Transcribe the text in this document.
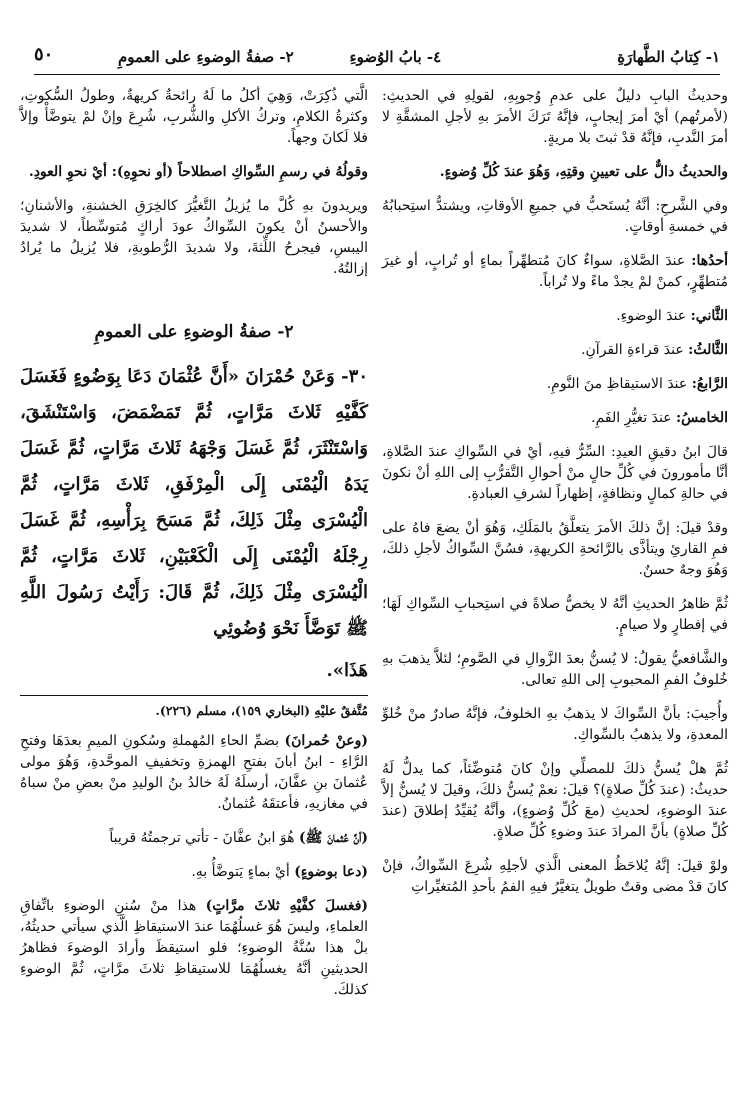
١- كِتابُ الطَّهارَةِ
٤- بابُ الوُضوءِ
٢- صفةُ الوضوءِ على العمومِ
٥٠

وحديثُ البابِ دليلٌ على عدمِ وُجوبِهِ، لقولِهِ في الحديثِ: (لأمرتُهم) أيْ أمرَ إيجابٍ، فإنَّهُ تَرَكَ الأمرَ بهِ لأجلِ المشقَّةِ لا أمرَ النَّدبِ، فإنَّهُ قدْ ثبتَ بلا مريةٍ.

والحديثُ دالٌّ على تعيينِ وقتِهِ، وَهُوَ عندَ كُلِّ وُضوءٍ.

وفي الشَّرحِ: أنَّهُ يُستَحبُّ في جميعِ الأوقاتِ، ويشتدُّ استِحبابُهُ في خمسةِ أوقاتٍ.

أحدُها: عندَ الصَّلاةِ، سواءٌ كانَ مُتطهِّراً بماءٍ أو تُرابٍ، أو غيرَ مُتطهِّرٍ، كمنْ لمْ يجدْ ماءً ولا تُراباً.

الثَّاني: عندَ الوضوءِ.

الثَّالثُ: عندَ قراءةِ القرآنِ.

الرَّابعُ: عندَ الاستيقاظِ منَ النَّومِ.

الخامسُ: عندَ تغيُّرِ الفَمِ.

قالَ ابنُ دقيقِ العيدِ: السِّرُّ فيهِ، أيْ في السِّواكِ عندَ الصَّلاةِ، أنَّا مأمورونَ في كُلِّ حالٍ منْ أحوالِ التَّقرُّبِ إلى اللهِ أنْ نكونَ في حالةِ كمالٍ ونظافةٍ، إظهاراً لشرفِ العبادةِ.

وقدْ قيلَ: إنَّ ذلكَ الأمرَ يتعلَّقُ بالمَلَكِ، وَهُوَ أنْ يضعَ فاهُ على فمِ القارئِ ويتأذَّى بالرَّائحةِ الكريهةِ، فسُنَّ السِّواكُ لأجلِ ذلكَ، وَهُوَ وجهٌ حسنٌ.

ثُمَّ ظاهرُ الحديثِ أنَّهُ لا يخصُّ صلاةً في استِحبابِ السِّواكِ لَهَا؛ في إفطارٍ ولا صيامٍ.

والشَّافعيُّ يقولُ: لا يُسنُّ بعدَ الزَّوالِ في الصَّومِ؛ لئلاَّ يذهبَ بهِ خُلوفُ الفمِ المحبوبِ إلى اللهِ تعالى.

وأُجيبَ: بأنَّ السِّواكَ لا يذهبُ بهِ الخلوفُ، فإنَّهُ صادرٌ منْ خُلوِّ المعدةِ، ولا يذهبُ بالسِّواكِ.

ثُمَّ هلْ يُسنُّ ذلكَ للمصلِّي وإنْ كانَ مُتوضِّئاً، كما يدلُّ لَهُ حديثُ: (عندَ كُلِّ صلاةٍ)؟ قيلَ: نعمْ يُسنُّ ذلكَ، وقيلَ لا يُسنُّ إلاَّ عندَ الوضوءِ، لحديثِ (معَ كُلِّ وُضوءٍ)، وأنَّهُ يُقيِّدُ إطلاقَ (عندَ كُلِّ صلاةٍ) بأنَّ المرادَ عندَ وضوءِ كُلِّ صلاةٍ.

ولوْ قيلَ: إنَّهُ يُلاحَظُ المعنى الَّذي لأجلِهِ شُرِعَ السِّواكُ، فإنْ كانَ قدْ مضى وقتٌ طويلٌ يتغيَّرُ فيهِ الفمُ بأحدِ المُتغيِّراتِ

الَّتي ذُكِرَتْ، وَهِيَ أكلُ ما لَهُ رائحةٌ كريهةٌ، وطولُ السُّكوتِ، وكثرةُ الكلامِ، وتركُ الأكلِ والشُّربِ، شُرِعَ وإنْ لمْ يتوضَّأْ وإلاَّ فلا لَكانَ وجهاً.

وقولُهُ في رسمِ السِّواكِ اصطلاحاً (أو نحوِهِ): أيْ نحوِ العودِ.

ويريدونَ بهِ كُلَّ ما يُزيلُ التَّغيُّرَ كالخِرَقِ الخشنةِ، والأشنانِ؛ والأحسنُ أنْ يكونَ السِّواكُ عودَ أراكٍ مُتوسِّطاً، لا شديدَ اليبسِ، فيجرحُ اللِّثةَ، ولا شديدَ الرُّطوبةِ، فلا يُزيلُ ما يُرادُ إزالتُهُ.

٢- صفةُ الوضوءِ على العمومِ
٣٠- وَعَنْ حُمْرَانَ «أَنَّ عُثْمَانَ دَعَا بِوَضُوءٍ فَغَسَلَ كَفَّيْهِ ثَلاثَ مَرَّاتٍ، ثُمَّ تَمَضْمَضَ، وَاسْتَنْشَقَ، وَاسْتَنْثَرَ، ثُمَّ غَسَلَ وَجْهَهُ ثَلاثَ مَرَّاتٍ، ثُمَّ غَسَلَ يَدَهُ الْيُمْنَى إِلَى الْمِرْفَقِ، ثَلاثَ مَرَّاتٍ، ثُمَّ الْيُسْرَى مِثْلَ ذَلِكَ، ثُمَّ مَسَحَ بِرَأْسِهِ، ثُمَّ غَسَلَ رِجْلَهُ الْيُمْنَى إِلَى الْكَعْبَيْنِ، ثَلاثَ مَرَّاتٍ، ثُمَّ الْيُسْرَى مِثْلَ ذَلِكَ، ثُمَّ قَالَ: رَأَيْتُ رَسُولَ اللَّهِ ﷺ تَوَضَّأَ نَحْوَ وُضُوئِي
هَذَا».
مُتَّفقٌ عليْهِ (البخاري ١٥٩)، مسلم (٢٢٦).

(وعنْ حُمرانَ) بضمِّ الحاءِ المُهملةِ وسُكونِ الميمِ بعدَهَا وفتحِ الرَّاءِ - ابنُ أبانَ بفتحِ الهمزةِ وتخفيفِ الموحَّدةِ، وَهُوَ مولى عُثمانَ بنِ عفَّانَ، أرسلَهُ لَهُ خالدُ بنُ الوليدِ منْ بعضِ منْ سباهُ في مغازيهِ، فأعتقَهُ عُثمانُ.

(أنَّ عُثمانَ ﷺ) هُوَ ابنُ عفَّانَ - تأتي ترجمتُهُ قريباً

(دعا بوضوءٍ) أيْ بماءٍ يَتوضَّأُ بهِ.

(فغسلَ كفَّيْهِ ثلاثَ مرَّاتٍ) هذا منْ سُننِ الوضوءِ باتِّفاقِ العلماءِ، وليسَ هُوَ غسلُهُمَا عندَ الاستيقاظِ الَّذي سيأتي حديثُهُ، بلْ هذا سُنَّةُ الوضوءِ؛ فلو استيقظَ وأرادَ الوضوءَ فظاهرُ الحديثينِ أنَّهُ يغسلُهُمَا للاستيقاظِ ثلاثَ مرَّاتٍ، ثُمَّ الوضوءِ كذلكَ.
